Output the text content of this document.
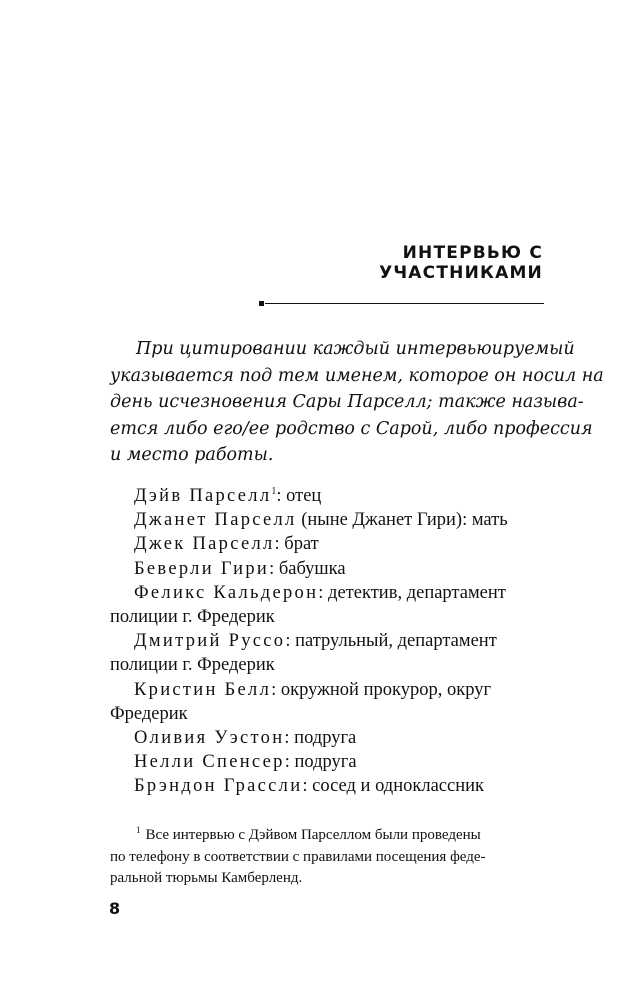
ИНТЕРВЬЮ С УЧАСТНИКАМИ

При цитировании каждый интервьюируемый
указывается под тем именем, которое он носил на
день исчезновения Сары Парселл; также называ-
ется либо его/ее родство с Сарой, либо профессия
и место работы.

Дэйв Парселл$^1$: отец

Джанет Парселл (ныне Джанет Гири): мать

Джек Парселл: брат

Беверли Гири: бабушка

Феликс Кальдерон: детектив, департамент полиции г. Фредерик

Дмитрий Руссо: патрульный, департамент полиции г. Фредерик

Кристин Белл: окружной прокурор, округ Фредерик

Оливия Уэстон: подруга

Нелли Спенсер: подруга

Брэндон Грассли: сосед и одноклассник

$^1$ Все интервью с Дэйвом Парселлом были проведены
по телефону в соответствии с правилами посещения феде-
ральной тюрьмы Камберленд.
8
